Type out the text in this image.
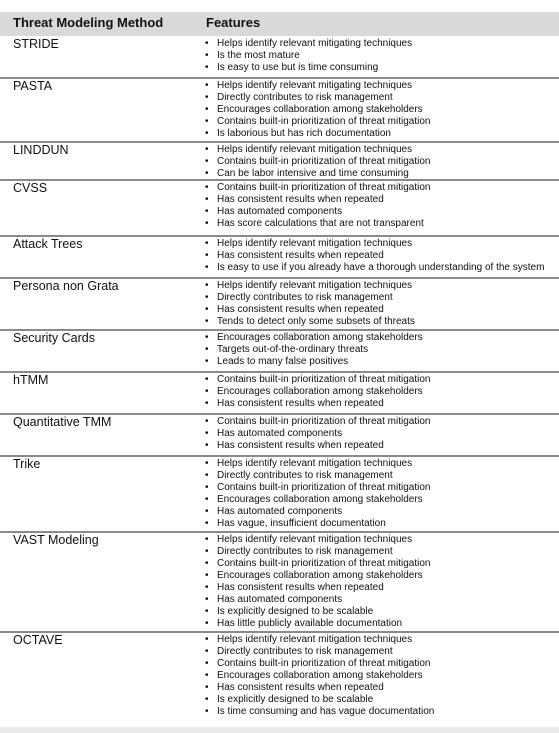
Threat Modeling Method	Features
STRIDE	• Helps identify relevant mitigating techniques
• Is the most mature
• Is easy to use but is time consuming
PASTA	• Helps identify relevant mitigating techniques
• Directly contributes to risk management
• Encourages collaboration among stakeholders
• Contains built-in prioritization of threat mitigation
• Is laborious but has rich documentation
LINDDUN	• Helps identify relevant mitigation techniques
• Contains built-in prioritization of threat mitigation
• Can be labor intensive and time consuming
CVSS	• Contains built-in prioritization of threat mitigation
• Has consistent results when repeated
• Has automated components
• Has score calculations that are not transparent
Attack Trees	• Helps identify relevant mitigation techniques
• Has consistent results when repeated
• Is easy to use if you already have a thorough understanding of the system
Persona non Grata	• Helps identify relevant mitigation techniques
• Directly contributes to risk management
• Has consistent results when repeated
• Tends to detect only some subsets of threats
Security Cards	• Encourages collaboration among stakeholders
• Targets out-of-the-ordinary threats
• Leads to many false positives
hTMM	• Contains built-in prioritization of threat mitigation
• Encourages collaboration among stakeholders
• Has consistent results when repeated
Quantitative TMM	• Contains built-in prioritization of threat mitigation
• Has automated components
• Has consistent results when repeated
Trike	• Helps identify relevant mitigation techniques
• Directly contributes to risk management
• Contains built-in prioritization of threat mitigation
• Encourages collaboration among stakeholders
• Has automated components
• Has vague, insufficient documentation
VAST Modeling	• Helps identify relevant mitigation techniques
• Directly contributes to risk management
• Contains built-in prioritization of threat mitigation
• Encourages collaboration among stakeholders
• Has consistent results when repeated
• Has automated components
• Is explicitly designed to be scalable
• Has little publicly available documentation
OCTAVE	• Helps identify relevant mitigation techniques
• Directly contributes to risk management
• Contains built-in prioritization of threat mitigation
• Encourages collaboration among stakeholders
• Has consistent results when repeated
• Is explicitly designed to be scalable
• Is time consuming and has vague documentation
